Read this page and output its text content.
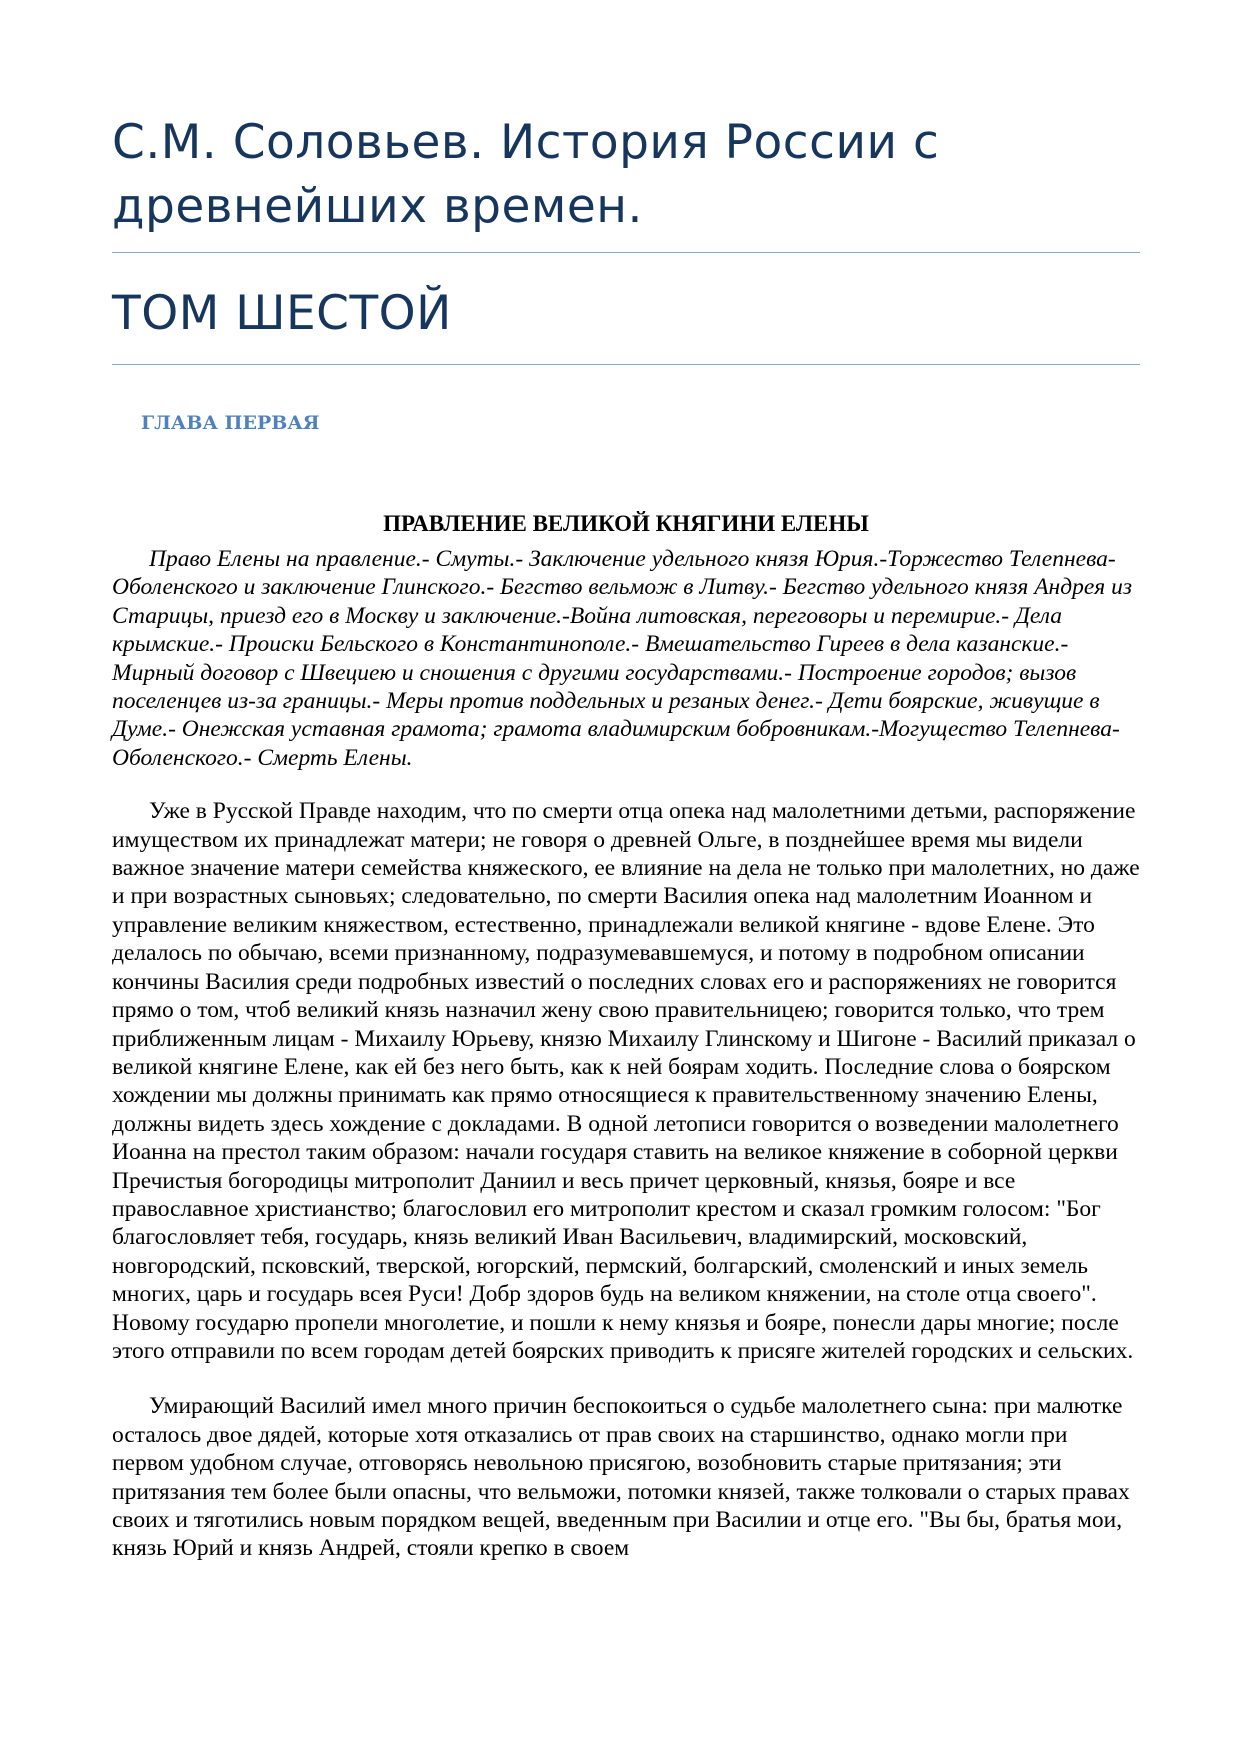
С.М. Соловьев. История России с древнейших времен.
ТОМ ШЕСТОЙ
ГЛАВА ПЕРВАЯ
ПРАВЛЕНИЕ ВЕЛИКОЙ КНЯГИНИ ЕЛЕНЫ

Право Елены на правление.- Смуты.- Заключение удельного князя Юрия.-Торжество Телепнева-Оболенского и заключение Глинского.- Бегство вельмож в Литву.- Бегство удельного князя Андрея из Старицы, приезд его в Москву и заключение.-Война литовская, переговоры и перемирие.- Дела крымские.- Происки Бельского в Константинополе.- Вмешательство Гиреев в дела казанские.- Мирный договор с Швециею и сношения с другими государствами.- Построение городов; вызов поселенцев из-за границы.- Меры против поддельных и резаных денег.- Дети боярские, живущие в Думе.- Онежская уставная грамота; грамота владимирским бобровникам.-Могущество Телепнева-Оболенского.- Смерть Елены.

Уже в Русской Правде находим, что по смерти отца опека над малолетними детьми, распоряжение имуществом их принадлежат матери; не говоря о древней Ольге, в позднейшее время мы видели важное значение матери семейства княжеского, ее влияние на дела не только при малолетних, но даже и при возрастных сыновьях; следовательно, по смерти Василия опека над малолетним Иоанном и управление великим княжеством, естественно, принадлежали великой княгине - вдове Елене. Это делалось по обычаю, всеми признанному, подразумевавшемуся, и потому в подробном описании кончины Василия среди подробных известий о последних словах его и распоряжениях не говорится прямо о том, чтоб великий князь назначил жену свою правительницею; говорится только, что трем приближенным лицам - Михаилу Юрьеву, князю Михаилу Глинскому и Шигоне - Василий приказал о великой княгине Елене, как ей без него быть, как к ней боярам ходить. Последние слова о боярском хождении мы должны принимать как прямо относящиеся к правительственному значению Елены, должны видеть здесь хождение с докладами. В одной летописи говорится о возведении малолетнего Иоанна на престол таким образом: начали государя ставить на великое княжение в соборной церкви Пречистыя богородицы митрополит Даниил и весь причет церковный, князья, бояре и все православное христианство; благословил его митрополит крестом и сказал громким голосом: "Бог благословляет тебя, государь, князь великий Иван Васильевич, владимирский, московский, новгородский, псковский, тверской, югорский, пермский, болгарский, смоленский и иных земель многих, царь и государь всея Руси! Добр здоров будь на великом княжении, на столе отца своего". Новому государю пропели многолетие, и пошли к нему князья и бояре, понесли дары многие; после этого отправили по всем городам детей боярских приводить к присяге жителей городских и сельских.

Умирающий Василий имел много причин беспокоиться о судьбе малолетнего сына: при малютке осталось двое дядей, которые хотя отказались от прав своих на старшинство, однако могли при первом удобном случае, отговорясь невольною присягою, возобновить старые притязания; эти притязания тем более были опасны, что вельможи, потомки князей, также толковали о старых правах своих и тяготились новым порядком вещей, введенным при Василии и отце его. "Вы бы, братья мои, князь Юрий и князь Андрей, стояли крепко в своем
